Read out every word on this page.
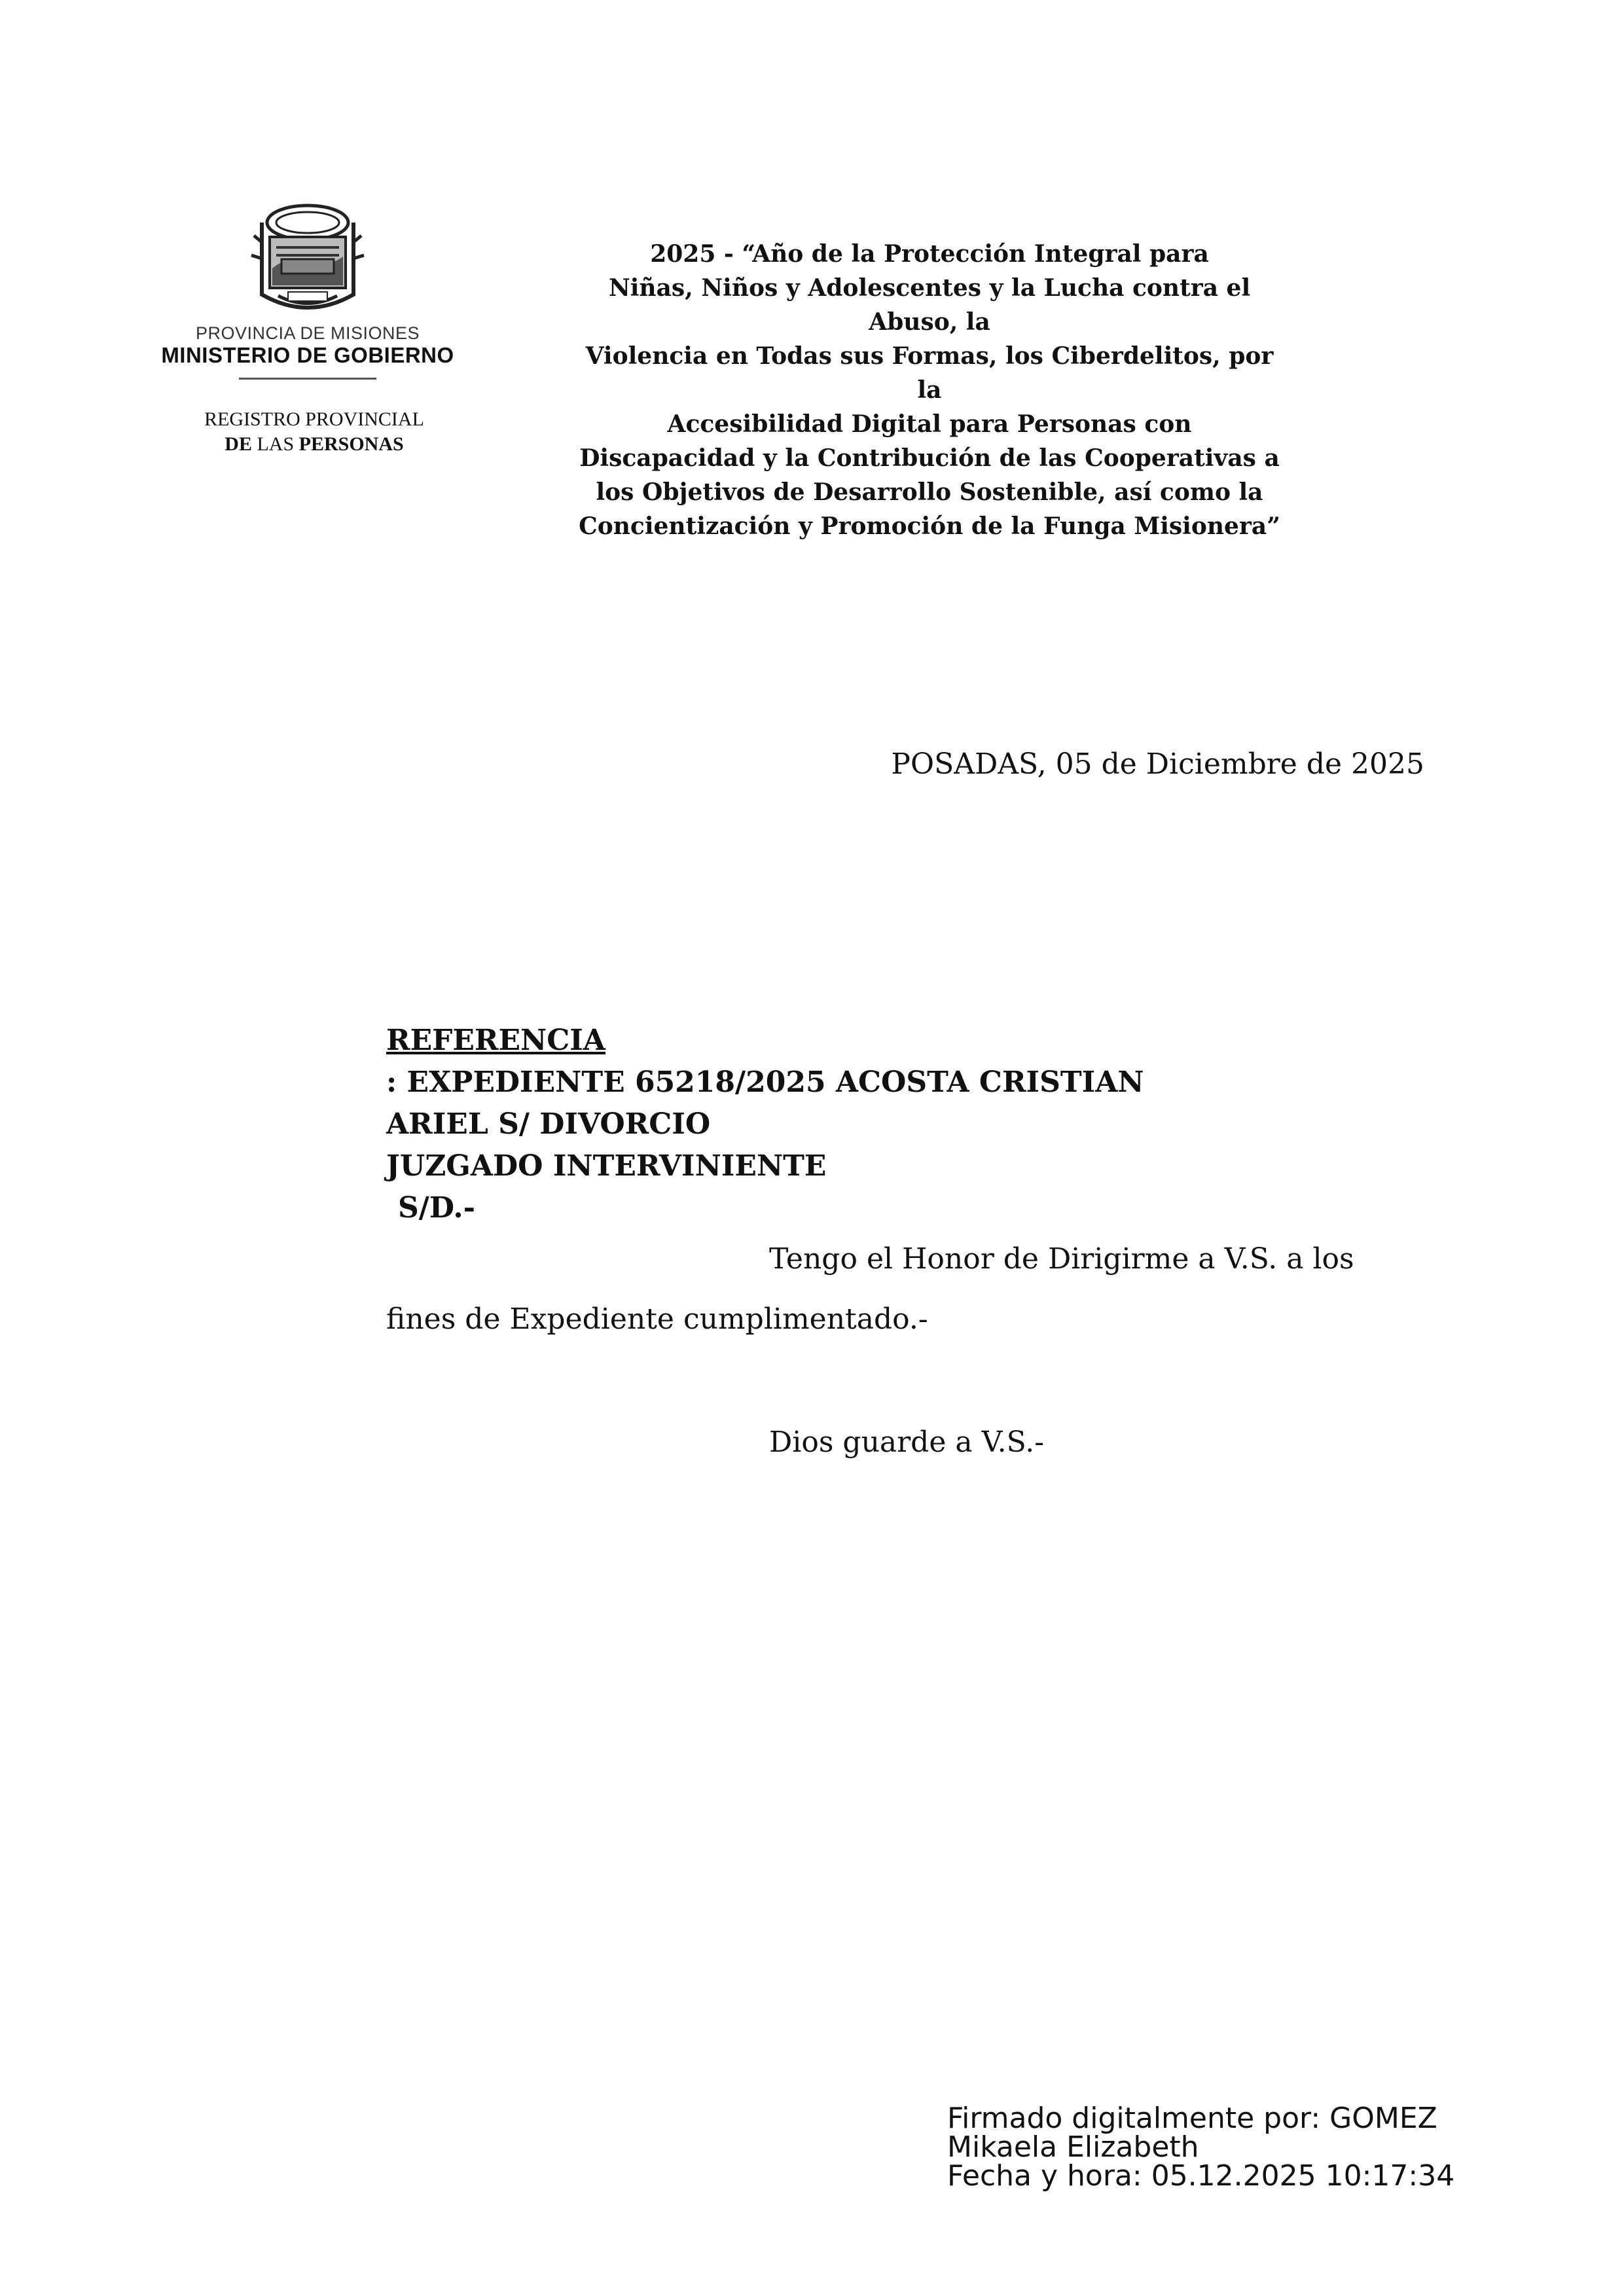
PROVINCIA DE MISIONES
MINISTERIO DE GOBIERNO
REGISTRO PROVINCIAL
DE LAS PERSONAS
2025 - “Año de la Protección Integral para
Niñas, Niños y Adolescentes y la Lucha contra el
Abuso, la
Violencia en Todas sus Formas, los Ciberdelitos, por
la
Accesibilidad Digital para Personas con
Discapacidad y la Contribución de las Cooperativas a
los Objetivos de Desarrollo Sostenible, así como la
Concientización y Promoción de la Funga Misionera”
POSADAS, 05 de Diciembre de 2025
REFERENCIA
: EXPEDIENTE 65218/2025 ACOSTA CRISTIAN
ARIEL S/ DIVORCIO
JUZGADO INTERVINIENTE
S/D.-
Tengo el Honor de Dirigirme a V.S. a los
fines de Expediente cumplimentado.-
Dios guarde a V.S.-
Firmado digitalmente por: GOMEZ
Mikaela Elizabeth
Fecha y hora: 05.12.2025 10:17:34
